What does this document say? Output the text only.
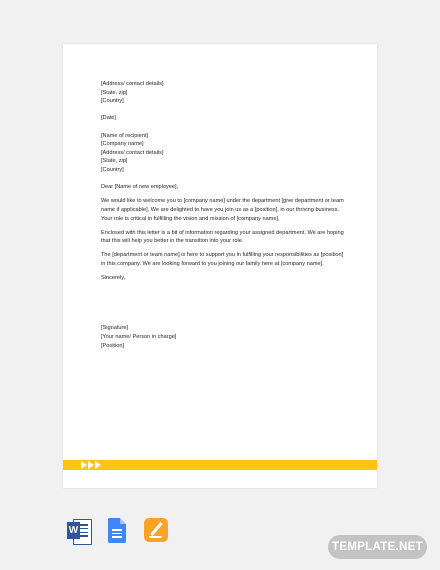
[Address/ contact details]
[State, zip]
[Country]
[Date]
[Name of recipient]
[Company name]
[Address/ contact details]
[State, zip]
[Country]
Dear [Name of new employee],
We would like to welcome you to [company name] under the department [give department or team
name if applicable]. We are delighted to have you join us as a [position], in our thriving business.
Your role is critical in fulfilling the vision and mission of [company name].
Enclosed with this letter is a bit of information regarding your assigned department. We are hoping
that this will help you better in the transition into your role.
The [department or team name] is here to support you in fulfilling your responsibilities as [position]
in this company. We are looking forward to you joining our family here at [company name].
Sincerely,
[Signature]
[Your name/ Person in charge]
[Position]
W
TEMPLATE.NET
